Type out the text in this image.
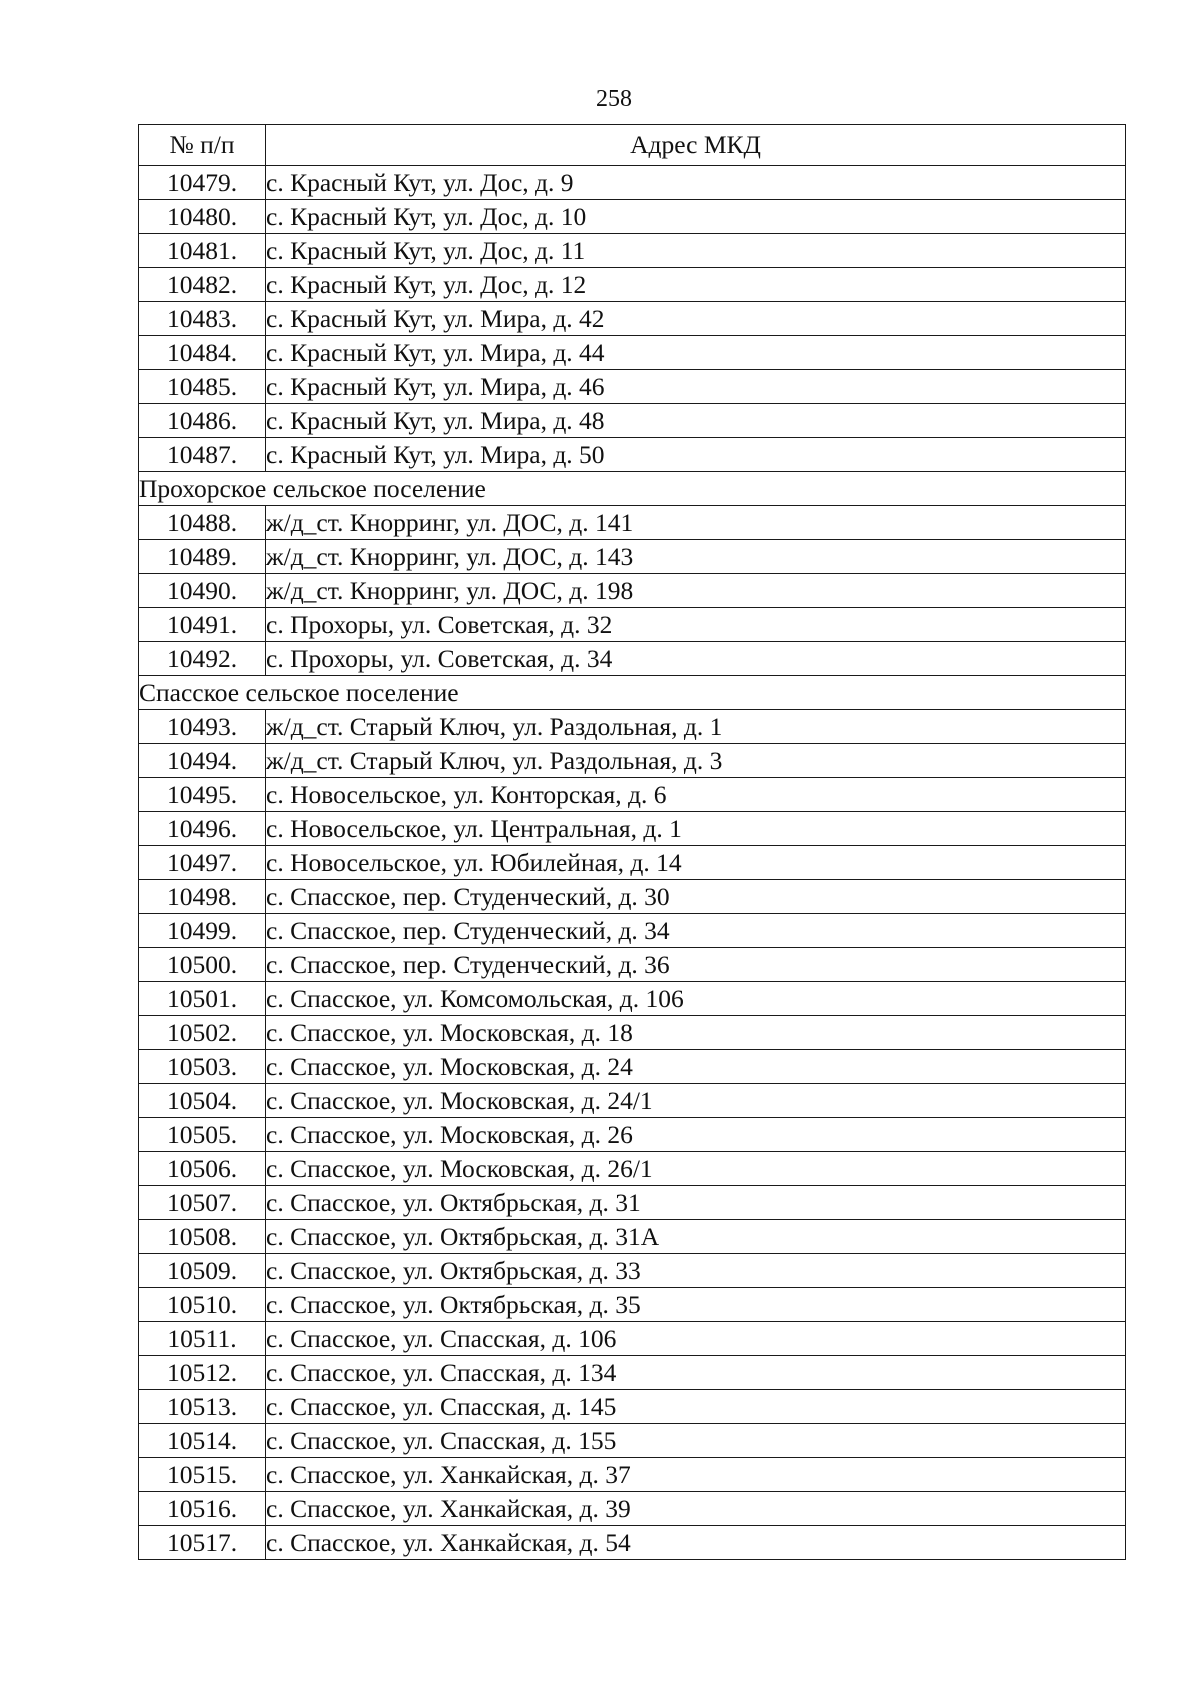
258
№ п/п	Адрес МКД
10479.	с. Красный Кут, ул. Дос, д. 9
10480.	с. Красный Кут, ул. Дос, д. 10
10481.	с. Красный Кут, ул. Дос, д. 11
10482.	с. Красный Кут, ул. Дос, д. 12
10483.	с. Красный Кут, ул. Мира, д. 42
10484.	с. Красный Кут, ул. Мира, д. 44
10485.	с. Красный Кут, ул. Мира, д. 46
10486.	с. Красный Кут, ул. Мира, д. 48
10487.	с. Красный Кут, ул. Мира, д. 50
Прохорское сельское поселение	
10488.	ж/д_ст. Кнорринг, ул. ДОС, д. 141
10489.	ж/д_ст. Кнорринг, ул. ДОС, д. 143
10490.	ж/д_ст. Кнорринг, ул. ДОС, д. 198
10491.	с. Прохоры, ул. Советская, д. 32
10492.	с. Прохоры, ул. Советская, д. 34
Спасское сельское поселение	
10493.	ж/д_ст. Старый Ключ, ул. Раздольная, д. 1
10494.	ж/д_ст. Старый Ключ, ул. Раздольная, д. 3
10495.	с. Новосельское, ул. Конторская, д. 6
10496.	с. Новосельское, ул. Центральная, д. 1
10497.	с. Новосельское, ул. Юбилейная, д. 14
10498.	с. Спасское, пер. Студенческий, д. 30
10499.	с. Спасское, пер. Студенческий, д. 34
10500.	с. Спасское, пер. Студенческий, д. 36
10501.	с. Спасское, ул. Комсомольская, д. 106
10502.	с. Спасское, ул. Московская, д. 18
10503.	с. Спасское, ул. Московская, д. 24
10504.	с. Спасское, ул. Московская, д. 24/1
10505.	с. Спасское, ул. Московская, д. 26
10506.	с. Спасское, ул. Московская, д. 26/1
10507.	с. Спасское, ул. Октябрьская, д. 31
10508.	с. Спасское, ул. Октябрьская, д. 31А
10509.	с. Спасское, ул. Октябрьская, д. 33
10510.	с. Спасское, ул. Октябрьская, д. 35
10511.	с. Спасское, ул. Спасская, д. 106
10512.	с. Спасское, ул. Спасская, д. 134
10513.	с. Спасское, ул. Спасская, д. 145
10514.	с. Спасское, ул. Спасская, д. 155
10515.	с. Спасское, ул. Ханкайская, д. 37
10516.	с. Спасское, ул. Ханкайская, д. 39
10517.	с. Спасское, ул. Ханкайская, д. 54
